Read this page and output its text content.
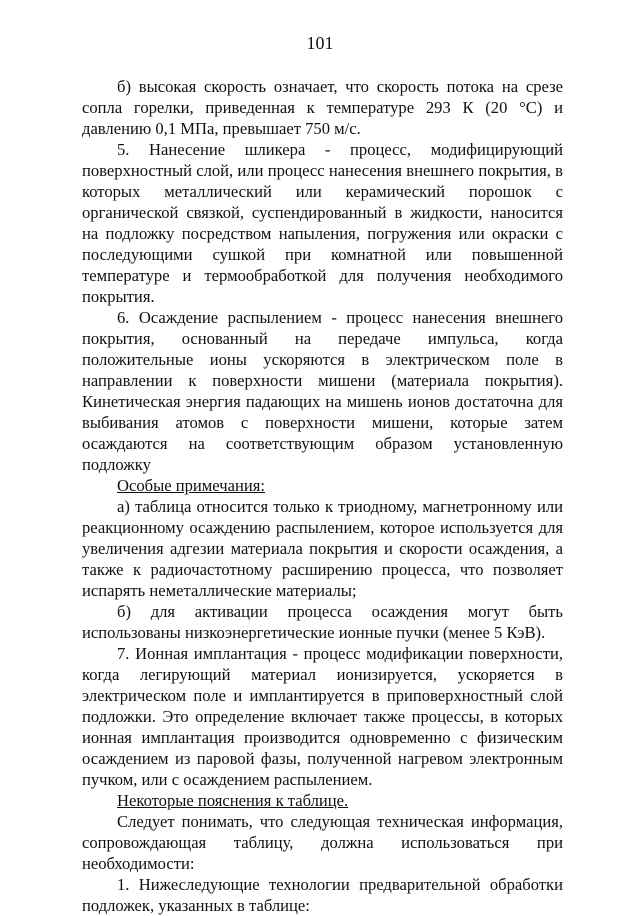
101

б) высокая скорость означает, что скорость потока на срезе сопла горелки, приведенная к температуре 293 К (20 °С) и давлению 0,1 МПа, превышает 750 м/с.

5. Нанесение шликера - процесс, модифицирующий поверхностный слой, или процесс нанесения внешнего покрытия, в которых металлический или керамический порошок с органической связкой, суспендированный в жидкости, наносится на подложку посредством напыления, погружения или окраски с последующими сушкой при комнатной или повышенной температуре и термообработкой для получения необходимого покрытия.

6. Осаждение распылением - процесс нанесения внешнего покрытия, основанный на передаче импульса, когда положительные ионы ускоряются в электрическом поле в направлении к поверхности мишени (материала покрытия). Кинетическая энергия падающих на мишень ионов достаточна для выбивания атомов с поверхности мишени, которые затем осаждаются на соответствующим образом установленную подложку

Особые примечания:

а) таблица относится только к триодному, магнетронному или реакционному осаждению распылением, которое используется для увеличения адгезии материала покрытия и скорости осаждения, а также к радиочастотному расширению процесса, что позволяет испарять неметаллические материалы;

б) для активации процесса осаждения могут быть использованы низкоэнергетические ионные пучки (менее 5 КэВ).

7. Ионная имплантация - процесс модификации поверхности, когда легирующий материал ионизируется, ускоряется в электрическом поле и имплантируется в приповерхностный слой подложки. Это определение включает также процессы, в которых ионная имплантация производится одновременно с физическим осаждением из паровой фазы, полученной нагревом электронным пучком, или с осаждением распылением.

Некоторые пояснения к таблице.

Следует понимать, что следующая техническая информация, сопровождающая таблицу, должна использоваться при необходимости:

1. Нижеследующие технологии предварительной обработки подложек, указанных в таблице:
